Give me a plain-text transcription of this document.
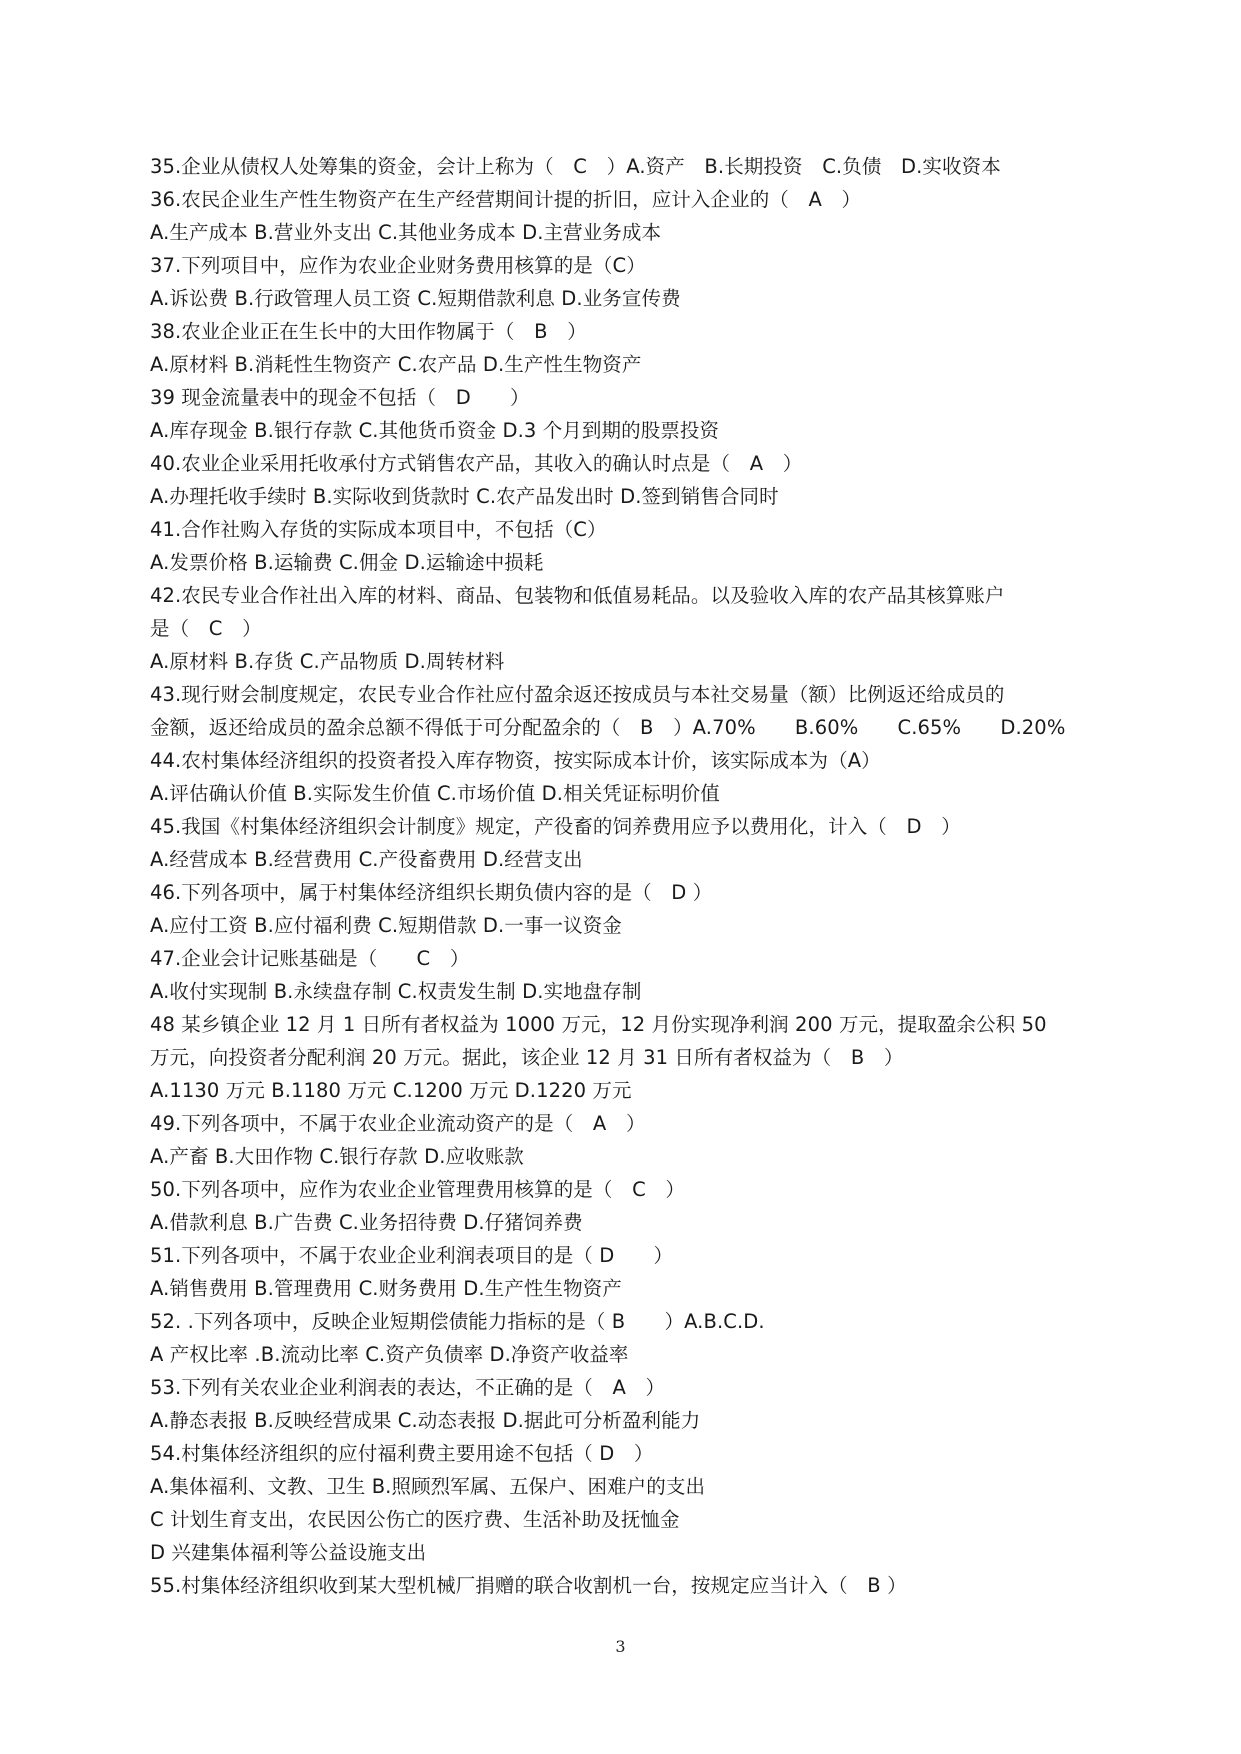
35.企业从债权人处筹集的资金，会计上称为（　C　）A.资产　B.长期投资　C.负债　D.实收资本
36.农民企业生产性生物资产在生产经营期间计提的折旧，应计入企业的（　A　）
A.生产成本 B.营业外支出 C.其他业务成本 D.主营业务成本
37.下列项目中，应作为农业企业财务费用核算的是（C）
A.诉讼费 B.行政管理人员工资 C.短期借款利息 D.业务宣传费
38.农业企业正在生长中的大田作物属于（　B　）
A.原材料 B.消耗性生物资产 C.农产品 D.生产性生物资产
39 现金流量表中的现金不包括（　D　　）
A.库存现金 B.银行存款 C.其他货币资金 D.3 个月到期的股票投资
40.农业企业采用托收承付方式销售农产品，其收入的确认时点是（　A　）
A.办理托收手续时 B.实际收到货款时 C.农产品发出时 D.签到销售合同时
41.合作社购入存货的实际成本项目中，不包括（C）
A.发票价格 B.运输费 C.佣金 D.运输途中损耗
42.农民专业合作社出入库的材料、商品、包装物和低值易耗品。以及验收入库的农产品其核算账户
是（　C　）
A.原材料 B.存货 C.产品物质 D.周转材料
43.现行财会制度规定，农民专业合作社应付盈余返还按成员与本社交易量（额）比例返还给成员的
金额，返还给成员的盈余总额不得低于可分配盈余的（　B　）A.70%　　B.60%　　C.65%　　D.20%
44.农村集体经济组织的投资者投入库存物资，按实际成本计价，该实际成本为（A）
A.评估确认价值 B.实际发生价值 C.市场价值 D.相关凭证标明价值
45.我国《村集体经济组织会计制度》规定，产役畜的饲养费用应予以费用化，计入（　D　）
A.经营成本 B.经营费用 C.产役畜费用 D.经营支出
46.下列各项中，属于村集体经济组织长期负债内容的是（　D ）
A.应付工资 B.应付福利费 C.短期借款 D.一事一议资金
47.企业会计记账基础是（　　C　）
A.收付实现制 B.永续盘存制 C.权责发生制 D.实地盘存制
48 某乡镇企业 12 月 1 日所有者权益为 1000 万元，12 月份实现净利润 200 万元，提取盈余公积 50
万元，向投资者分配利润 20 万元。据此，该企业 12 月 31 日所有者权益为（　B　）
A.1130 万元 B.1180 万元 C.1200 万元 D.1220 万元
49.下列各项中，不属于农业企业流动资产的是（　A　）
A.产畜 B.大田作物 C.银行存款 D.应收账款
50.下列各项中，应作为农业企业管理费用核算的是（　C　）
A.借款利息 B.广告费 C.业务招待费 D.仔猪饲养费
51.下列各项中，不属于农业企业利润表项目的是（ D　　）
A.销售费用 B.管理费用 C.财务费用 D.生产性生物资产
52. .下列各项中，反映企业短期偿债能力指标的是（ B　　）A.B.C.D.
A 产权比率 .B.流动比率 C.资产负债率 D.净资产收益率
53.下列有关农业企业利润表的表达，不正确的是（　A　）
A.静态表报 B.反映经营成果 C.动态表报 D.据此可分析盈利能力
54.村集体经济组织的应付福利费主要用途不包括（ D　）
A.集体福利、文教、卫生 B.照顾烈军属、五保户、困难户的支出
C 计划生育支出，农民因公伤亡的医疗费、生活补助及抚恤金
D 兴建集体福利等公益设施支出
55.村集体经济组织收到某大型机械厂捐赠的联合收割机一台，按规定应当计入（　B ）
3
